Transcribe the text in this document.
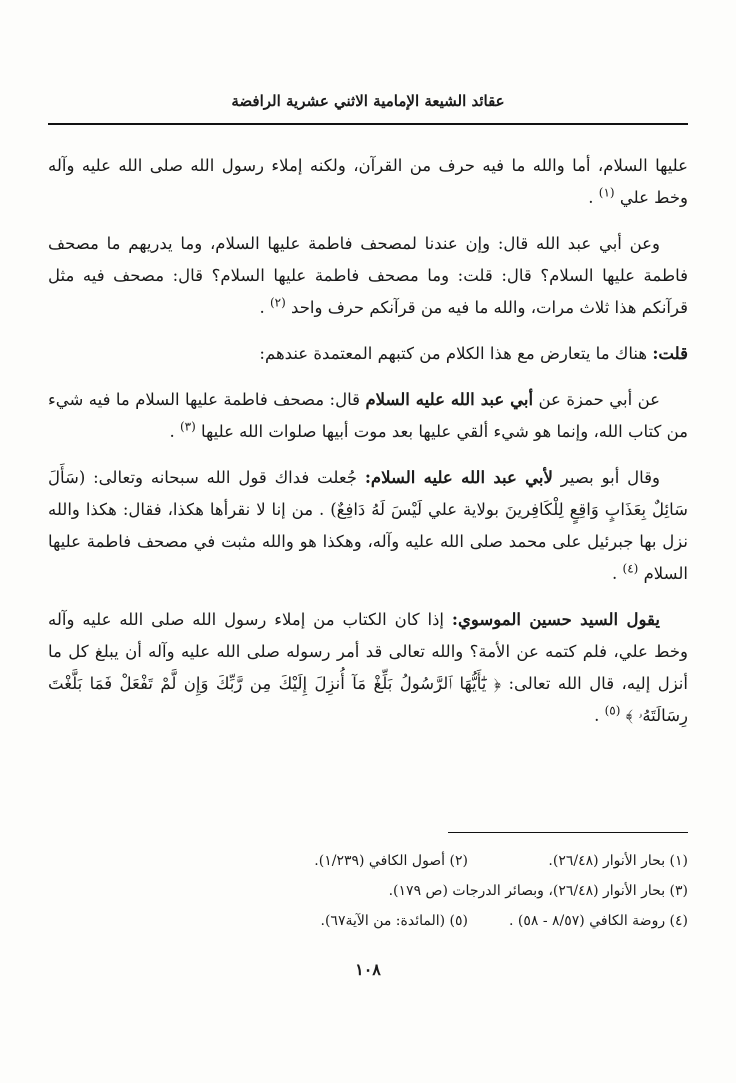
عقائد الشيعة الإمامية الاثني عشرية الرافضة

عليها السلام، أما والله ما فيه حرف من القرآن، ولكنه إملاء رسول الله صلى الله عليه وآله وخط علي $^{(١)}$ .

وعن أبي عبد الله قال: وإن عندنا لمصحف فاطمة عليها السلام، وما يدريهم ما مصحف فاطمة عليها السلام؟ قال: قلت: وما مصحف فاطمة عليها السلام؟ قال: مصحف فيه مثل قرآنكم هذا ثلاث مرات، والله ما فيه من قرآنكم حرف واحد $^{(٢)}$ .

قلت: هناك ما يتعارض مع هذا الكلام من كتبهم المعتمدة عندهم:

عن أبي حمزة عن أبي عبد الله عليه السلام قال: مصحف فاطمة عليها السلام ما فيه شيء من كتاب الله، وإنما هو شيء ألقي عليها بعد موت أبيها صلوات الله عليها $^{(٣)}$ .

وقال أبو بصير لأبي عبد الله عليه السلام: جُعلت فداك قول الله سبحانه وتعالى: (سَأَلَ سَائِلٌ بِعَذَابٍ وَاقِعٍ لِلْكَافِرينَ بولاية علي لَيْسَ لَهُ دَافِعٌ) . من إنا لا نقرأها هكذا، فقال: هكذا والله نزل بها جبرئيل على محمد صلى الله عليه وآله، وهكذا هو والله مثبت في مصحف فاطمة عليها السلام $^{(٤)}$ .

يقول السيد حسين الموسوي: إذا كان الكتاب من إملاء رسول الله صلى الله عليه وآله وخط علي، فلم كتمه عن الأمة؟ والله تعالى قد أمر رسوله صلى الله عليه وآله أن يبلغ كل ما أنزل إليه، قال الله تعالى: ﴿ يَٰٓأَيُّهَا ٱلرَّسُولُ بَلِّغْ مَآ أُنزِلَ إِلَيْكَ مِن رَّبِّكَ وَإِن لَّمْ تَفْعَلْ فَمَا بَلَّغْتَ رِسَالَتَهُۥ ﴾ $^{(٥)}$ .

(١) بحار الأنوار (٢٦/٤٨).
(٢) أصول الكافي (١/٢٣٩).
(٣) بحار الأنوار (٢٦/٤٨)، وبصائر الدرجات (ص ١٧٩).
(٤) روضة الكافي (٨/٥٧ - ٥٨) .
(٥) (المائدة: من الآية٦٧).
١٠٨
